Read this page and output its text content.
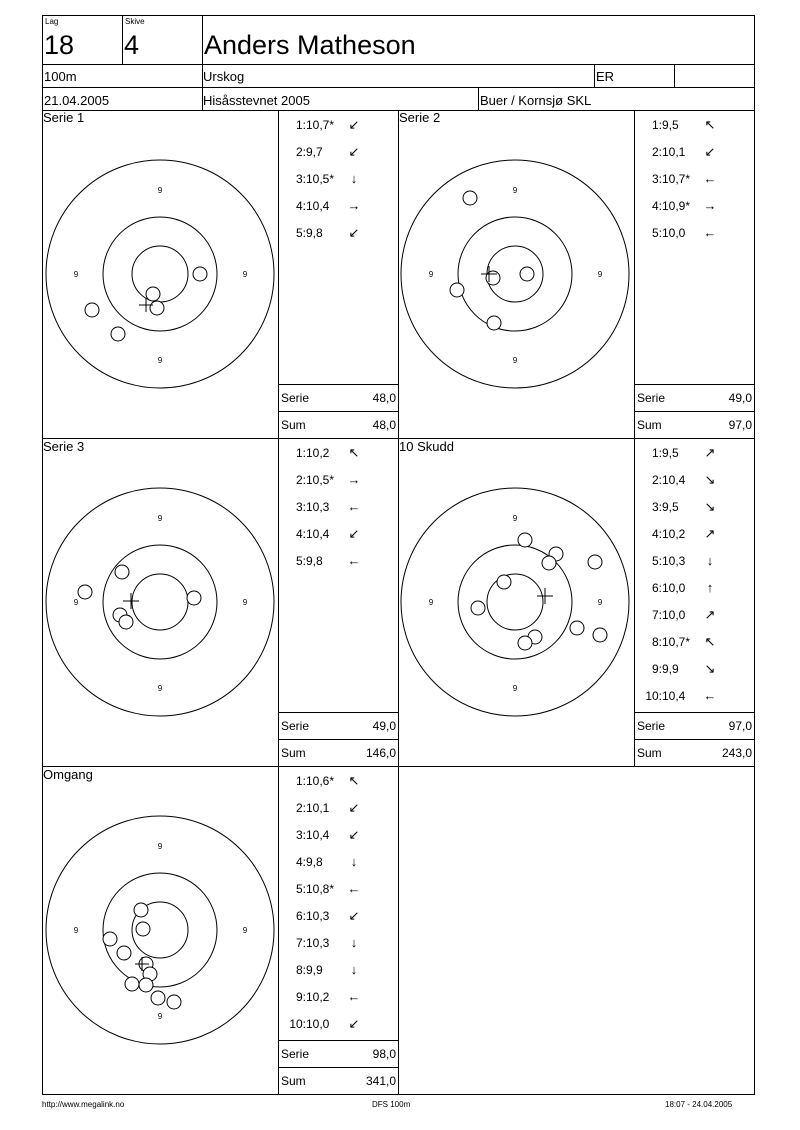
Lag
18
Skive
4 Anders Matheson
100m	Urskog	ER
21.04.2005	Hisåsstevnet 2005	Buer / Kornsjø SKL
Serie 1
9
9
9	9
1:10,7* ↙
2:9,7 ↙
3:10,5* ↓
4:10,4 →
5:9,8 ↙
Serie	48,0
Sum	48,0
Serie 2
9
9
9	9
1:9,5 ↖
2:10,1 ↙
3:10,7* ←
4:10,9* →
5:10,0 ←
Serie	49,0
Sum	97,0
Serie 3
9
9
9	9
1:10,2 ↖
2:10,5* →
3:10,3 ←
4:10,4 ↙
5:9,8 ←
Serie	49,0
Sum	146,0
10 Skudd
9
9
9	9
1:9,5 ↗
2:10,4 ↘
3:9,5 ↘
4:10,2 ↗
5:10,3 ↓
6:10,0 ↑
7:10,0 ↗
8:10,7* ↖
9:9,9 ↘
10:10,4 ←
Serie	97,0
Sum	243,0
Omgang
9
9
9	9
1:10,6* ↖
2:10,1 ↙
3:10,4 ↙
4:9,8 ↓
5:10,8* ←
6:10,3 ↙
7:10,3 ↓
8:9,9 ↓
9:10,2 ←
10:10,0 ↙
Serie	98,0
Sum	341,0
http://www.megalink.no	DFS 100m	18:07 - 24.04.2005
